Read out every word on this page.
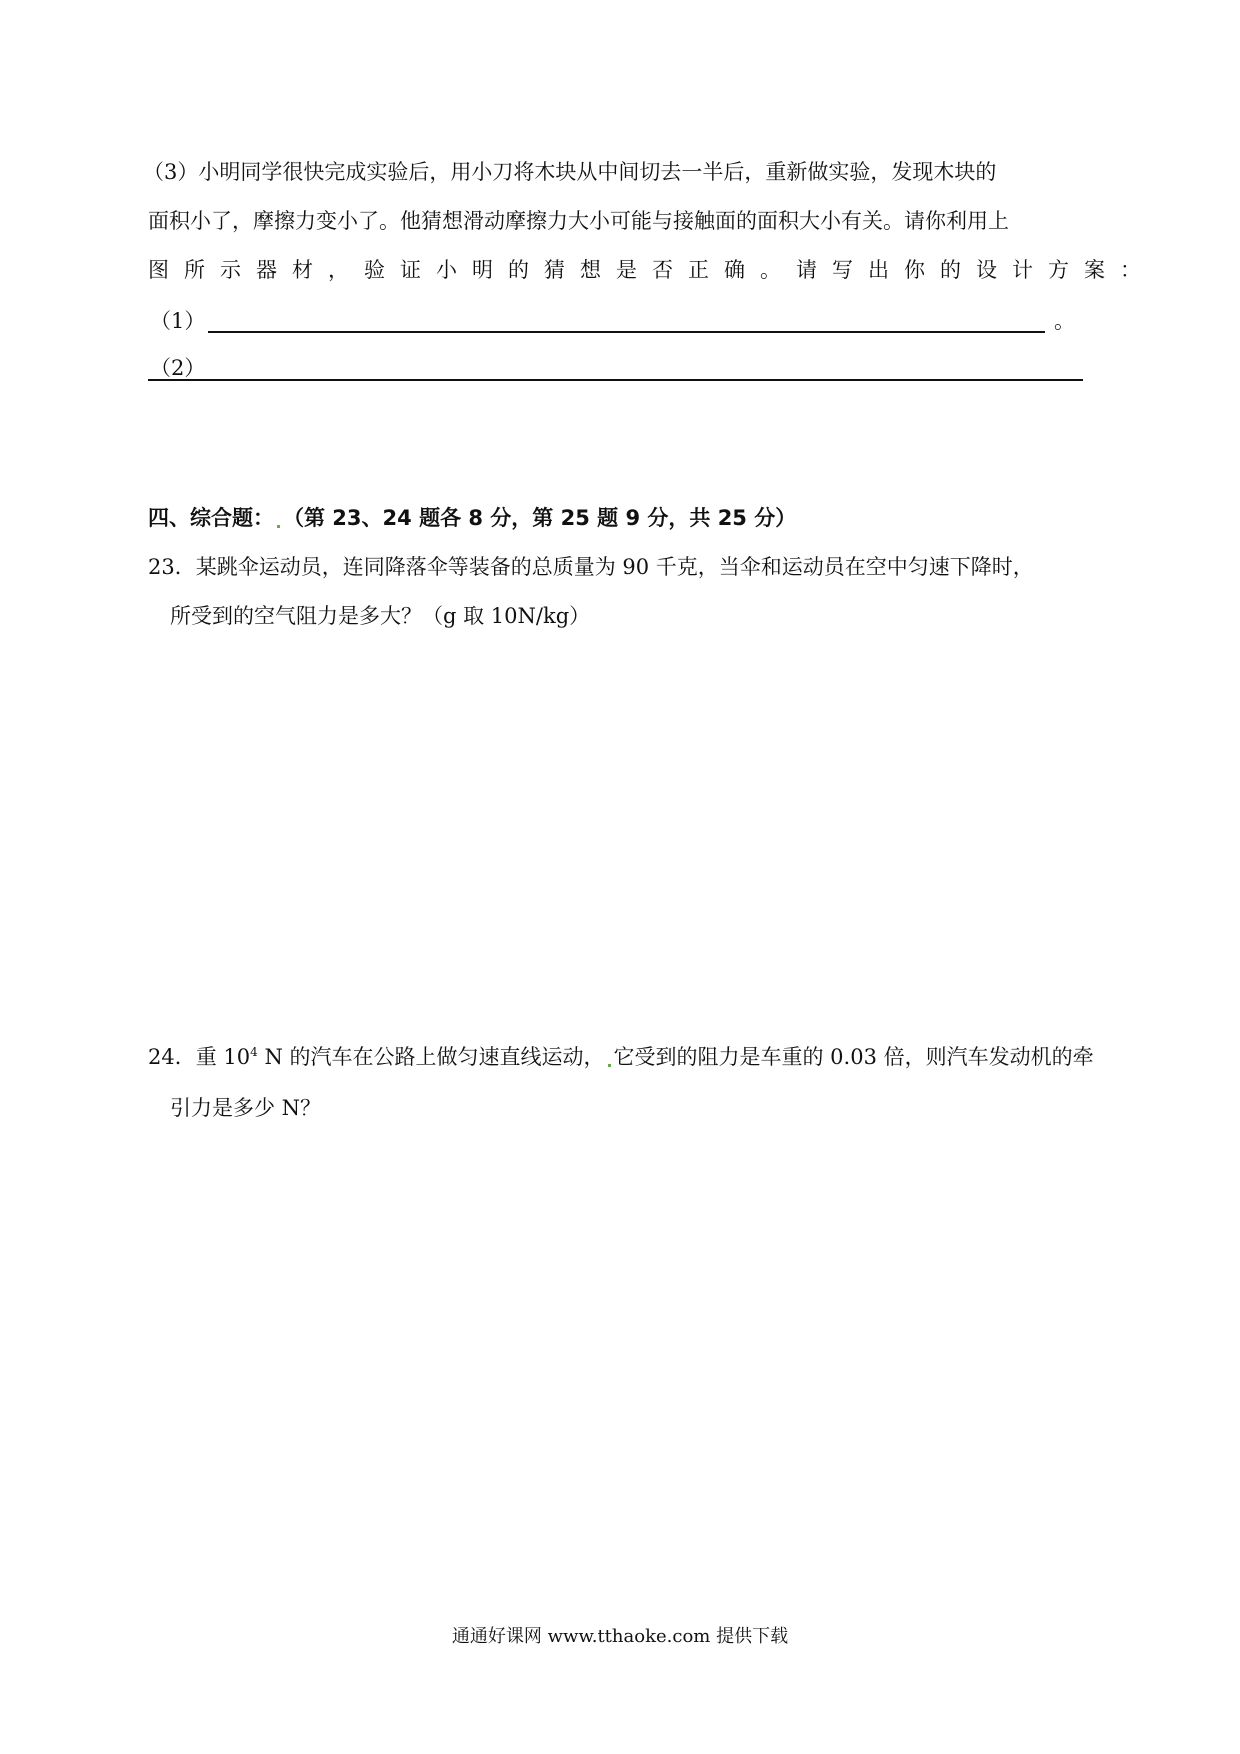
（3）小明同学很快完成实验后，用小刀将木块从中间切去一半后，重新做实验，发现木块的
面积小了，摩擦力变小了。他猜想滑动摩擦力大小可能与接触面的面积大小有关。请你利用上
图所示器材，验证小明的猜想是否正确。请写出你的设计方案：
（1）	。
（2）
四、综合题： （第 23、24 题各 8 分，第 25 题 9 分，共 25 分）
23．某跳伞运动员，连同降落伞等装备的总质量为 90 千克，当伞和运动员在空中匀速下降时，
所受到的空气阻力是多大？（g 取 10N/kg）
24．重 $10^4$ N 的汽车在公路上做匀速直线运动， 它受到的阻力是车重的 0.03 倍，则汽车发动机的牵
引力是多少 N？
通通好课网 www.tthaoke.com 提供下载
